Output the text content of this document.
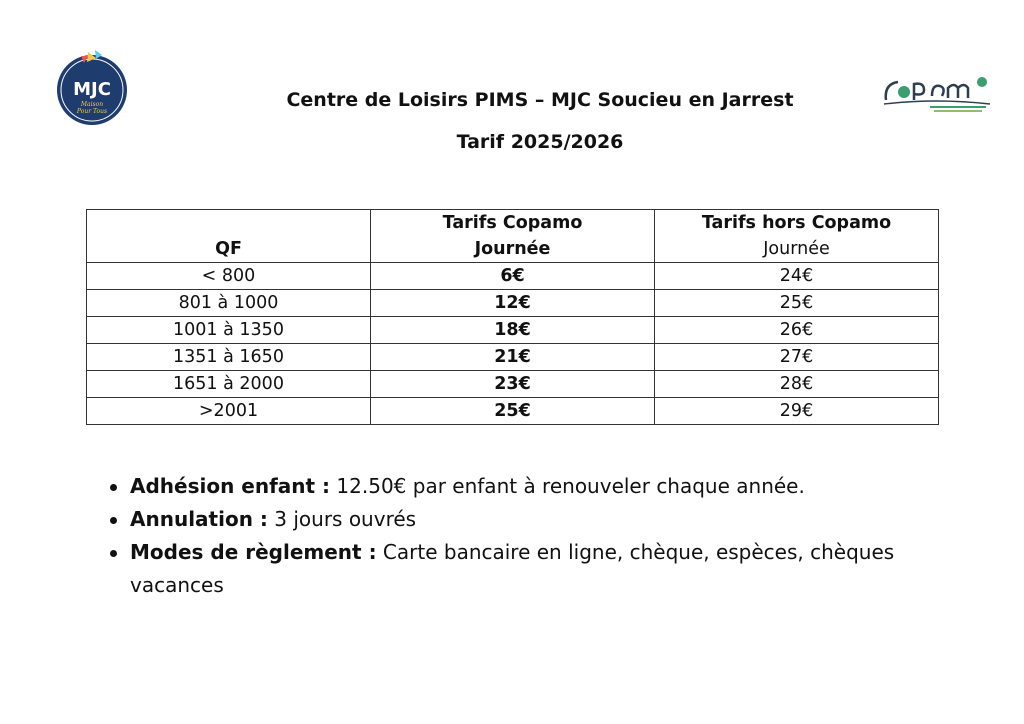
MJC
Maison
Pour Tous
Centre de Loisirs PIMS – MJC Soucieu en Jarrest
Tarif 2025/2026
	Tarifs Copamo	Tarifs hors Copamo
QF	Journée	Journée
< 800	6€	24€
801 à 1000	12€	25€
1001 à 1350	18€	26€
1351 à 1650	21€	27€
1651 à 2000	23€	28€
>2001	25€	29€
Adhésion enfant : 12.50€ par enfant à renouveler chaque année.
Annulation : 3 jours ouvrés
Modes de règlement : Carte bancaire en ligne, chèque, espèces, chèques vacances
